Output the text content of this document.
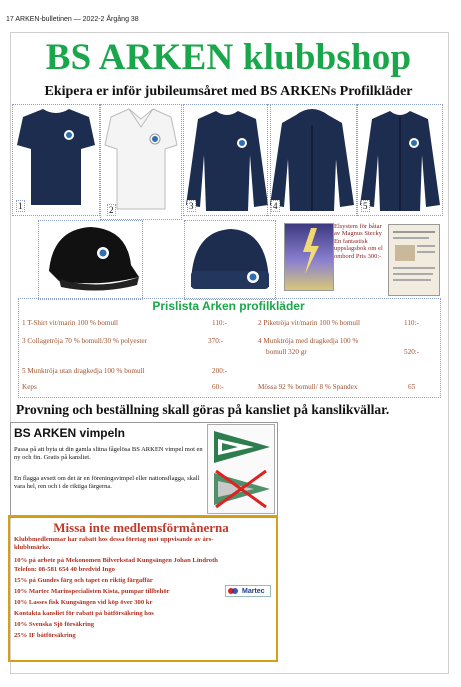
17 ARKEN-bulletinen — 2022-2 Årgång 38
BS ARKEN klubbshop
Ekipera er inför jubileumsåret med BS ARKENs Profilkläder
1	2	3	4	5
Elsystem för båtar av Magnus Stecky En fantastisk uppslagsbok om el ombord Pris 300:-
Prislista Arken profilkläder
1 T-Shirt vit/marin 100 % bomull	110:-	2 Piketröja vit/marin 100 % bomull	110:-
3 Collagetröja 70 % bomull/30 % polyester	370:-	4 Munktröja med dragkedja 100 %
bomull 320 gr	520:-
5 Munktröja utan dragkedja 100 % bomull	200:-
Keps	60:-	Mössa 92 % bomull/ 8 % Spandex	65
Provning och beställning skall göras på kansliet på kanslikvällar.
BS ARKEN vimpeln
Passa på att byta ut din gamla slitna fågelösa BS ARKEN vimpel mot en ny och fin. Gratis på kansliet.
En flagga avsett om det är en föreningsvimpel eller nationsflagga, skall vara hel, ren och i de riktiga färgerna.
Missa inte medlemsförmånerna
Klubbmedlemmar har rabatt hos dessa företag mot uppvisande av års-
klubbmärke.
10% på arbete på Mekonomen Bilverkstad Kungsängen Johan Lindroth
Telefon: 08-581 654 40 bredvid Ingo
15% på Gundes färg och tapet en riktig färgaffär
10% Martec Marinspecialisten Kista, pumpar tillbehör
10% Lasses fisk Kungsängen vid köp över 300 kr
Kontakta kansliet för rabatt på båtförsäkring hos
10% Svenska Sjö försäkring
25% IF båtförsäkring
Martec
